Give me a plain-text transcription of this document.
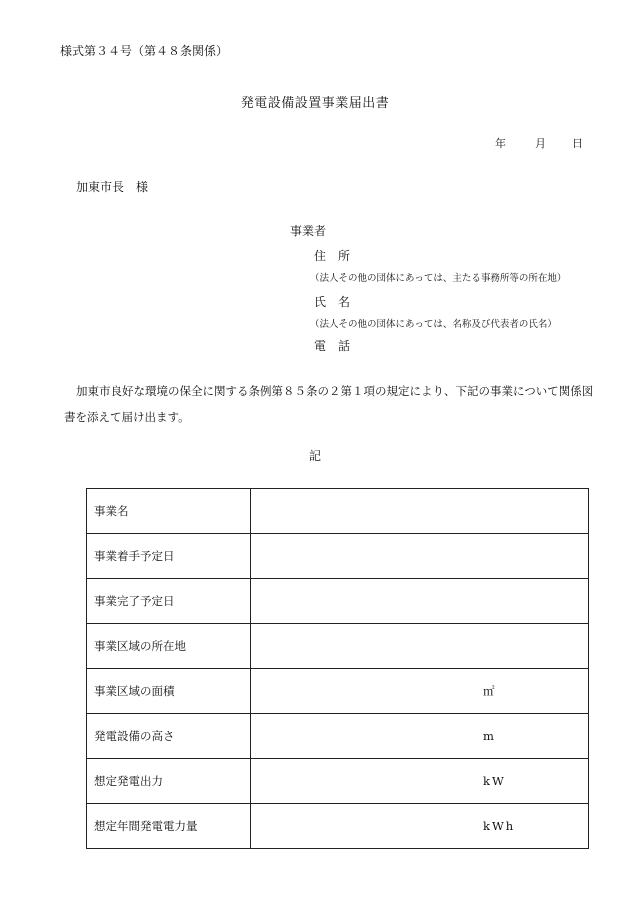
様式第３４号（第４８条関係）
発電設備設置事業届出書
年	月 日
加東市長　様
事業者
住　所
（法人その他の団体にあっては、主たる事務所等の所在地）
氏　名
（法人その他の団体にあっては、名称及び代表者の氏名）
電　話
加東市良好な環境の保全に関する条例第８５条の２第１項の規定により、下記の事業について関係図書を添えて届け出ます。
記
事業名	

事業着手予定日	

事業完了予定日	

事業区域の所在地	

事業区域の面積	㎡

発電設備の高さ	m

想定発電出力	kW

想定年間発電電力量	kWh
